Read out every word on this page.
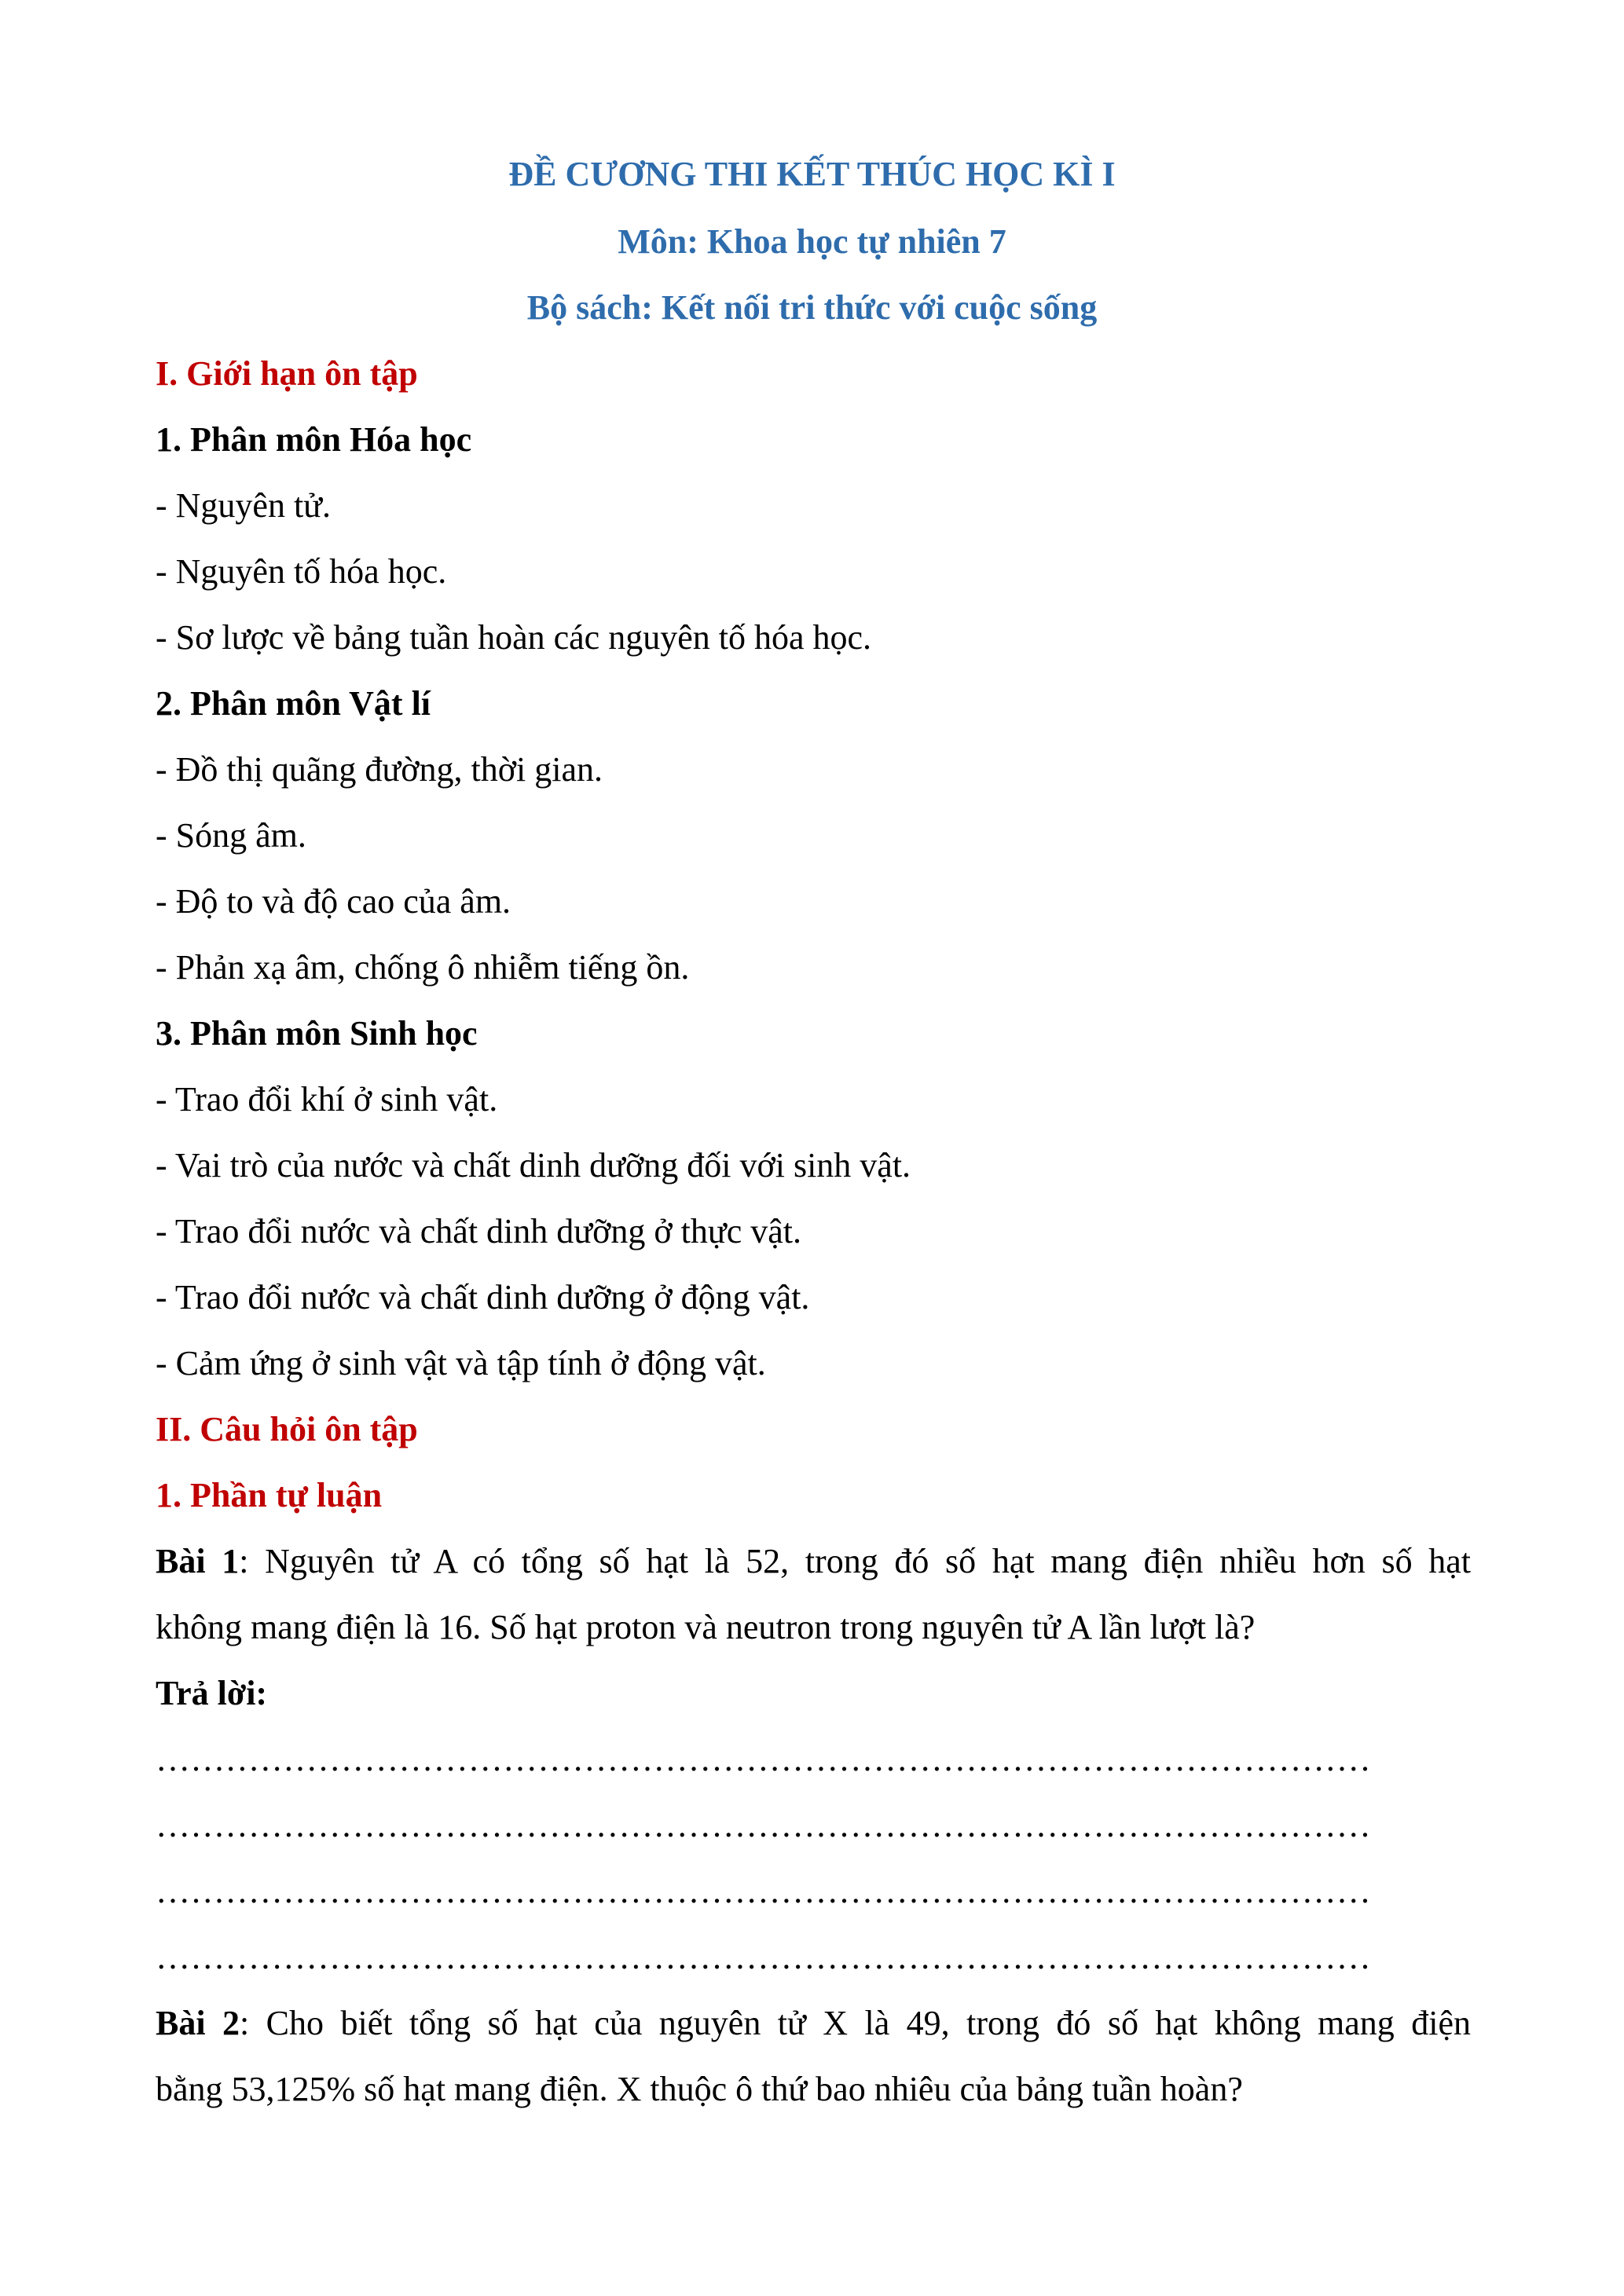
ĐỀ CƯƠNG THI KẾT THÚC HỌC KÌ I
Môn: Khoa học tự nhiên 7
Bộ sách: Kết nối tri thức với cuộc sống
I. Giới hạn ôn tập
1. Phân môn Hóa học
- Nguyên tử.
- Nguyên tố hóa học.
- Sơ lược về bảng tuần hoàn các nguyên tố hóa học.
2. Phân môn Vật lí
- Đồ thị quãng đường, thời gian.
- Sóng âm.
- Độ to và độ cao của âm.
- Phản xạ âm, chống ô nhiễm tiếng ồn.
3. Phân môn Sinh học
- Trao đổi khí ở sinh vật.
- Vai trò của nước và chất dinh dưỡng đối với sinh vật.
- Trao đổi nước và chất dinh dưỡng ở thực vật.
- Trao đổi nước và chất dinh dưỡng ở động vật.
- Cảm ứng ở sinh vật và tập tính ở động vật.
II. Câu hỏi ôn tập
1. Phần tự luận
Bài 1: Nguyên tử A có tổng số hạt là 52, trong đó số hạt mang điện nhiều hơn số hạt
không mang điện là 16. Số hạt proton và neutron trong nguyên tử A lần lượt là?
Trả lời:
……………………………………………………………………………………………
……………………………………………………………………………………………
……………………………………………………………………………………………
……………………………………………………………………………………………
Bài 2: Cho biết tổng số hạt của nguyên tử X là 49, trong đó số hạt không mang điện
bằng 53,125% số hạt mang điện. X thuộc ô thứ bao nhiêu của bảng tuần hoàn?
